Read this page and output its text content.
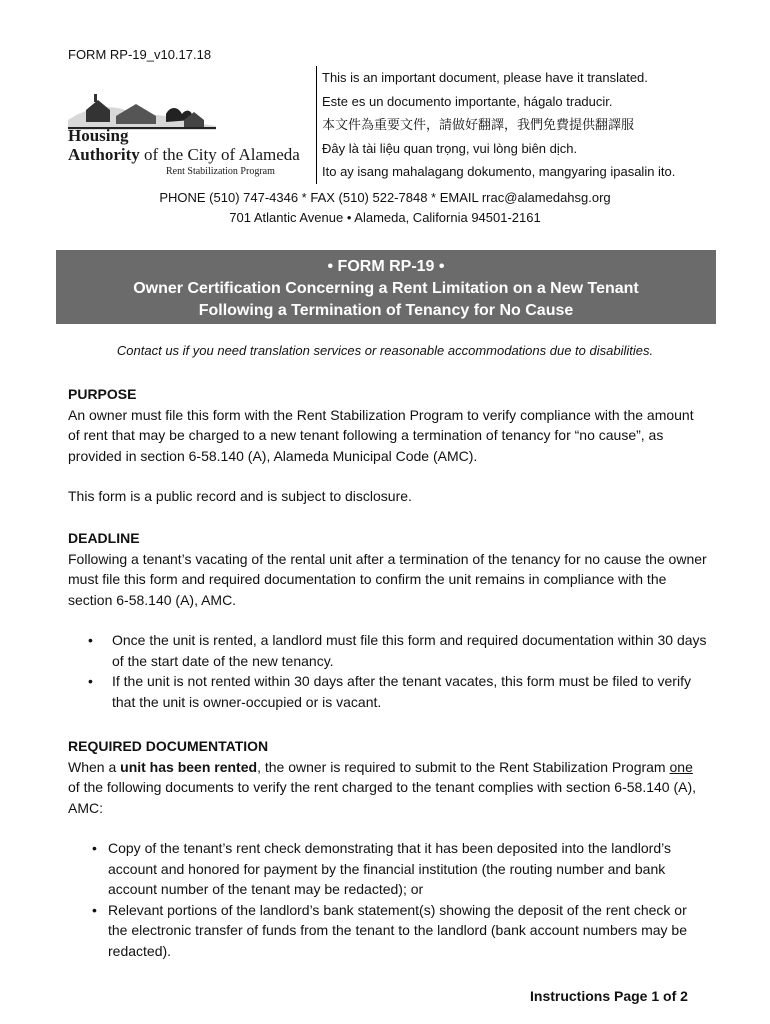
FORM RP-19_v10.17.18
Housing
Authority of the City of Alameda
Rent Stabilization Program
This is an important document, please have it translated.
Este es un documento importante, hágalo traducir.
本文件為重要文件，請做好翻譯，我們免費提供翻譯服
Đây là tài liệu quan trọng, vui lòng biên dịch.
Ito ay isang mahalagang dokumento, mangyaring ipasalin ito.
PHONE (510) 747-4346 * FAX (510) 522-7848 * EMAIL rrac@alamedahsg.org
701 Atlantic Avenue • Alameda, California 94501-2161
• FORM RP-19 •
Owner Certification Concerning a Rent Limitation on a New Tenant
Following a Termination of Tenancy for No Cause
Contact us if you need translation services or reasonable accommodations due to disabilities.
PURPOSE
An owner must file this form with the Rent Stabilization Program to verify compliance with the amount of rent that may be charged to a new tenant following a termination of tenancy for “no cause”, as provided in section 6-58.140 (A), Alameda Municipal Code (AMC).
This form is a public record and is subject to disclosure.
DEADLINE
Following a tenant’s vacating of the rental unit after a termination of the tenancy for no cause the owner must file this form and required documentation to confirm the unit remains in compliance with the section 6-58.140 (A), AMC.
• Once the unit is rented, a landlord must file this form and required documentation within 30 days of the start date of the new tenancy.
• If the unit is not rented within 30 days after the tenant vacates, this form must be filed to verify that the unit is owner-occupied or is vacant.
REQUIRED DOCUMENTATION
When a unit has been rented, the owner is required to submit to the Rent Stabilization Program one of the following documents to verify the rent charged to the tenant complies with section 6-58.140 (A), AMC:
• Copy of the tenant’s rent check demonstrating that it has been deposited into the landlord’s account and honored for payment by the financial institution (the routing number and bank account number of the tenant may be redacted); or
• Relevant portions of the landlord’s bank statement(s) showing the deposit of the rent check or the electronic transfer of funds from the tenant to the landlord (bank account numbers may be redacted).
Instructions Page 1 of 2
